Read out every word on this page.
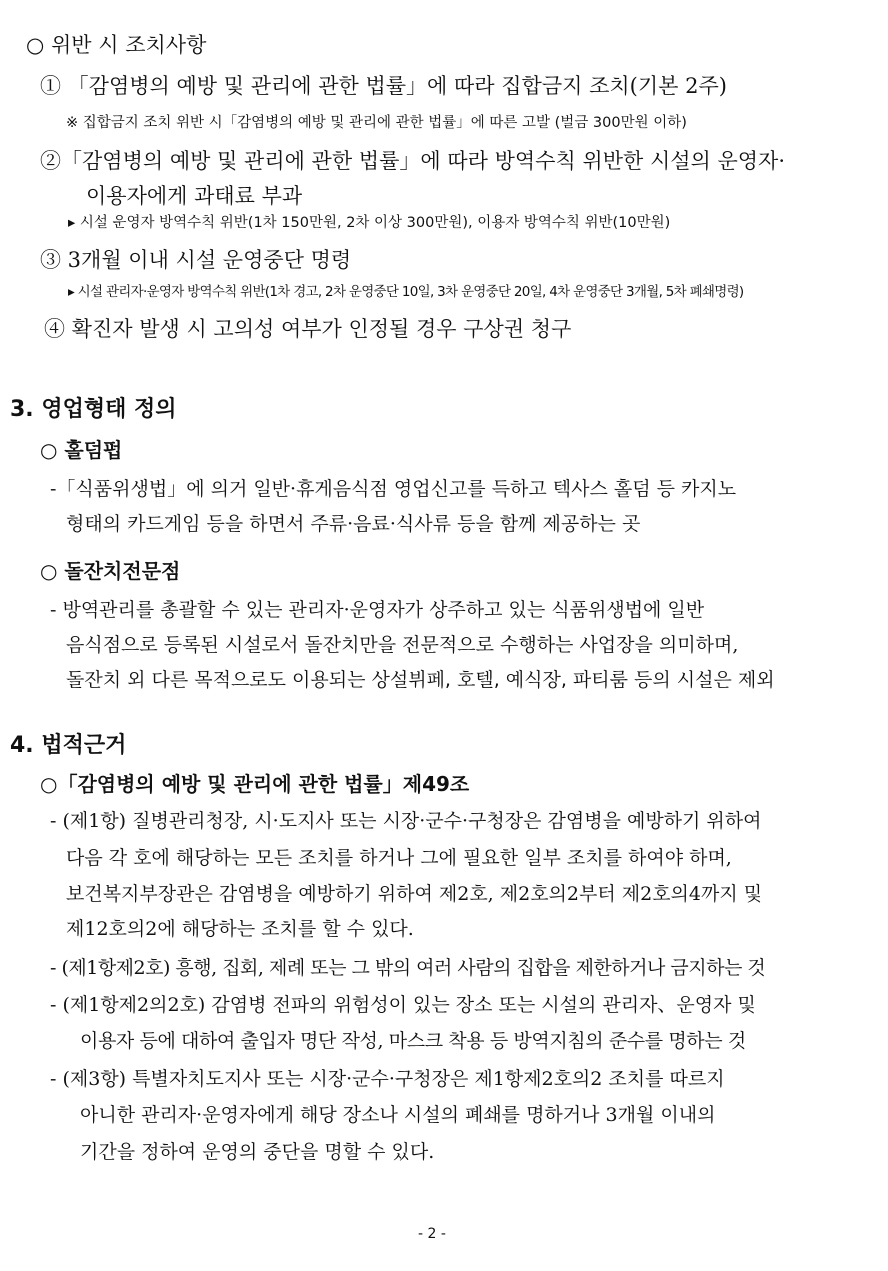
○ 위반 시 조치사항
① 「감염병의 예방 및 관리에 관한 법률」에 따라 집합금지 조치(기본 2주)
※ 집합금지 조치 위반 시「감염병의 예방 및 관리에 관한 법률」에 따른 고발 (벌금 300만원 이하)
②「감염병의 예방 및 관리에 관한 법률」에 따라 방역수칙 위반한 시설의 운영자·
이용자에게 과태료 부과
▸ 시설 운영자 방역수칙 위반(1차 150만원, 2차 이상 300만원), 이용자 방역수칙 위반(10만원)
③ 3개월 이내 시설 운영중단 명령
▸ 시설 관리자·운영자 방역수칙 위반(1차 경고, 2차 운영중단 10일, 3차 운영중단 20일, 4차 운영중단 3개월, 5차 폐쇄명령)
④ 확진자 발생 시 고의성 여부가 인정될 경우 구상권 청구
3. 영업형태 정의
○ 홀덤펍
-「식품위생법」에 의거 일반·휴게음식점 영업신고를 득하고 텍사스 홀덤 등 카지노
형태의 카드게임 등을 하면서 주류·음료·식사류 등을 함께 제공하는 곳
○ 돌잔치전문점
- 방역관리를 총괄할 수 있는 관리자·운영자가 상주하고 있는 식품위생법에 일반
음식점으로 등록된 시설로서 돌잔치만을 전문적으로 수행하는 사업장을 의미하며,
돌잔치 외 다른 목적으로도 이용되는 상설뷔페, 호텔, 예식장, 파티룸 등의 시설은 제외
4. 법적근거
○「감염병의 예방 및 관리에 관한 법률」제49조
- (제1항) 질병관리청장, 시·도지사 또는 시장·군수·구청장은 감염병을 예방하기 위하여
다음 각 호에 해당하는 모든 조치를 하거나 그에 필요한 일부 조치를 하여야 하며,
보건복지부장관은 감염병을 예방하기 위하여 제2호, 제2호의2부터 제2호의4까지 및
제12호의2에 해당하는 조치를 할 수 있다.
- (제1항제2호) 흥행, 집회, 제례 또는 그 밖의 여러 사람의 집합을 제한하거나 금지하는 것
- (제1항제2의2호) 감염병 전파의 위험성이 있는 장소 또는 시설의 관리자、운영자 및
이용자 등에 대하여 출입자 명단 작성, 마스크 착용 등 방역지침의 준수를 명하는 것
- (제3항) 특별자치도지사 또는 시장·군수·구청장은 제1항제2호의2 조치를 따르지
아니한 관리자·운영자에게 해당 장소나 시설의 폐쇄를 명하거나 3개월 이내의
기간을 정하여 운영의 중단을 명할 수 있다.
- 2 -
